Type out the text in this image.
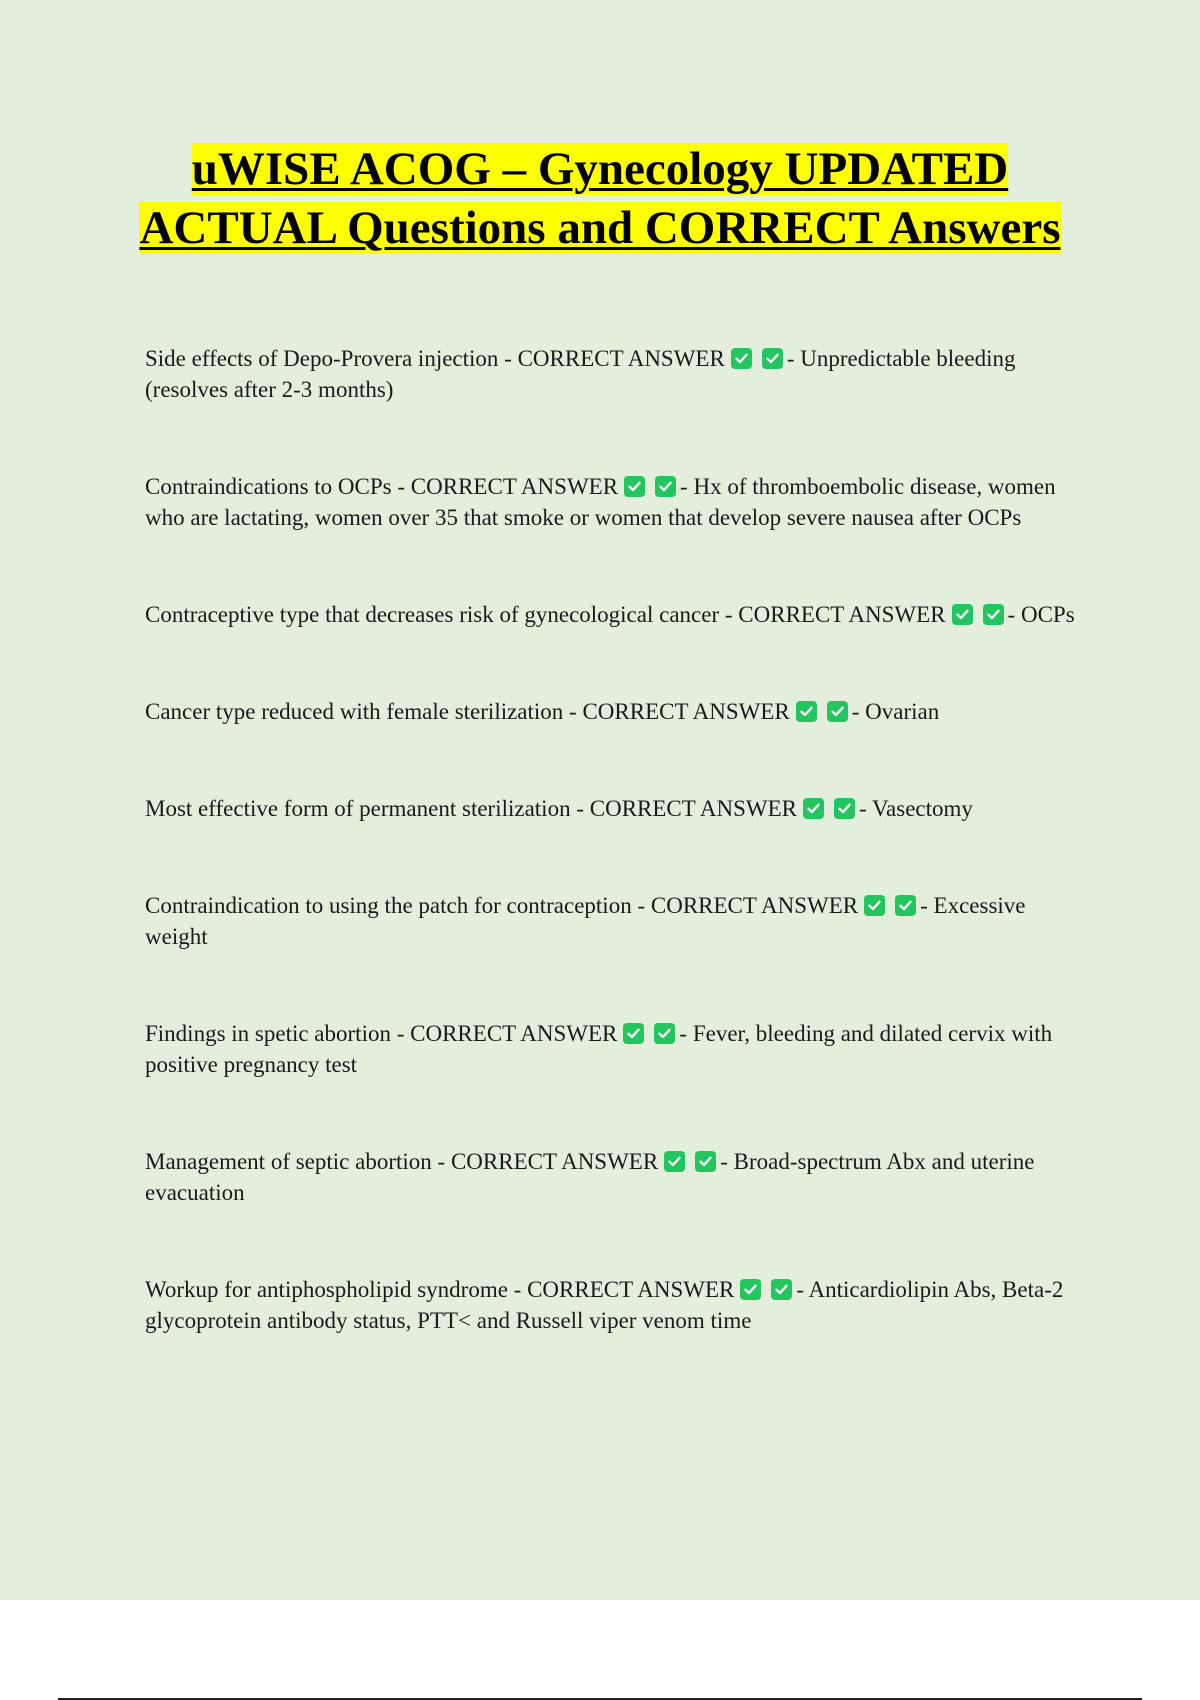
uWISE ACOG – Gynecology UPDATED ACTUAL Questions and CORRECT Answers

Side effects of Depo-Provera injection - CORRECT ANSWER	- Unpredictable bleeding (resolves after 2-3 months)

Contraindications to OCPs - CORRECT ANSWER	- Hx of thromboembolic disease, women who are lactating, women over 35 that smoke or women that develop severe nausea after OCPs

Contraceptive type that decreases risk of gynecological cancer - CORRECT ANSWER	- OCPs

Cancer type reduced with female sterilization - CORRECT ANSWER	- Ovarian

Most effective form of permanent sterilization - CORRECT ANSWER	- Vasectomy

Contraindication to using the patch for contraception - CORRECT ANSWER	- Excessive weight

Findings in spetic abortion - CORRECT ANSWER	- Fever, bleeding and dilated cervix with positive pregnancy test

Management of septic abortion - CORRECT ANSWER	- Broad-spectrum Abx and uterine evacuation

Workup for antiphospholipid syndrome - CORRECT ANSWER	- Anticardiolipin Abs, Beta-2 glycoprotein antibody status, PTT< and Russell viper venom time
